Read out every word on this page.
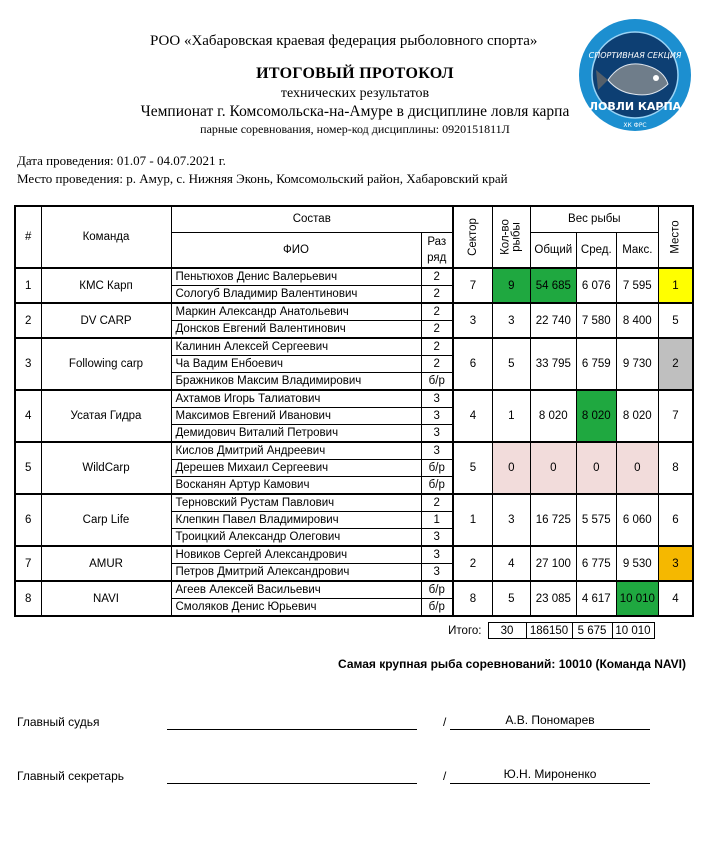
РОО «Хабаровская краевая федерация рыболовного спорта»
ИТОГОВЫЙ ПРОТОКОЛ
технических результатов
Чемпионат г. Комсомольска-на-Амуре в дисциплине ловля карпа
парные соревнования, номер-код дисциплины: 0920151811Л
СПОРТИВНАЯ СЕКЦИЯ
ЛОВЛИ КАРПА
ХК ФРС
Дата проведения: 01.07 - 04.07.2021 г.
Место проведения: р. Амур, с. Нижняя Эконь, Комсомольский район, Хабаровский край
#	Команда	Состав		Сектор	Кол-во
рыбы	Вес рыбы			Место

		ФИО	Раз
ряд			Общий	Сред.	Макс.	
1	КМС Карп	Пеньтюхов Денис Валерьевич	2	7	9	54 685	6 076	7 595	1
		Сологуб Владимир Валентинович	2						
2	DV CARP	Маркин Александр Анатольевич	2	3	3	22 740	7 580	8 400	5
		Донсков Евгений Валентинович	2						
3	Following carp	Калинин Алексей Сергеевич	2	6	5	33 795	6 759	9 730	2
		Ча Вадим Енбоевич	2						
		Бражников Максим Владимирович	б/р						
4	Усатая Гидра	Ахтамов Игорь Талиатович	3	4	1	8 020	8 020	8 020	7
		Максимов Евгений Иванович	3						
		Демидович Виталий Петрович	3						
5	WildCarp	Кислов Дмитрий Андреевич	3	5	0	0	0	0	8
		Дерешев Михаил Сергеевич	б/р						
		Восканян Артур Камович	б/р						
6	Carp Life	Терновский Рустам Павлович	2	1	3	16 725	5 575	6 060	6
		Клепкин Павел Владимирович	1						
		Троицкий Александр Олегович	3						
7	AMUR	Новиков Сергей Александрович	3	2	4	27 100	6 775	9 530	3
		Петров Дмитрий Александрович	3						
8	NAVI	Агеев Алексей Васильевич	б/р	8	5	23 085	4 617	10 010	4
		Смоляков Денис Юрьевич	б/р						
Итого:	30	186150	5 675	10 010
Самая крупная рыба соревнований: 10010 (Команда NAVI)
Главный судья	/	А.В. Пономарев
Главный секретарь	/	Ю.Н. Мироненко
